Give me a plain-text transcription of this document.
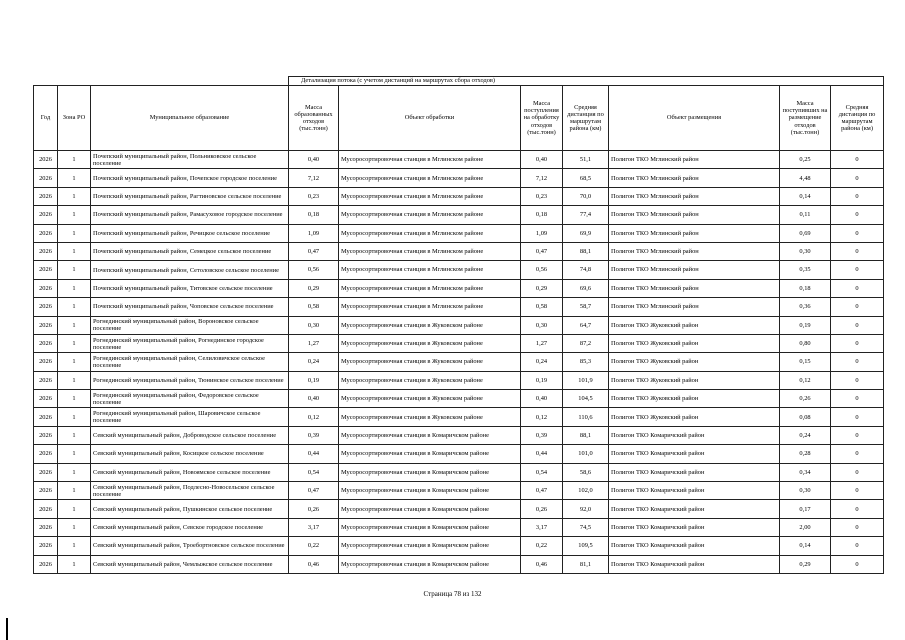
			Детализация потока (с учетом дистанций на маршрутах сбора отходов)						
Год	Зона РО	Муниципальное образование	Масса образованных отходов (тыс.тонн)	Объект обработки	Масса поступления на обработку отходов (тыс.тонн)	Средняя дистанция по маршрутам района (км)	Объект размещения	Масса поступивших на размещение отходов (тыс.тонн)	Средняя дистанция по маршрутам района (км)
2026	1	Почепский муниципальный район, Польниковское сельское поселение	0,40	Мусоросортировочная станция в Мглинском районе	0,40	51,1	Полигон ТКО Мглинский район	0,25	0
2026	1	Почепский муниципальный район, Почепское городское поселение	7,12	Мусоросортировочная станция в Мглинском районе	7,12	68,5	Полигон ТКО Мглинский район	4,48	0
2026	1	Почепский муниципальный район, Рагтиновское сельское поселение	0,23	Мусоросортировочная станция в Мглинском районе	0,23	70,0	Полигон ТКО Мглинский район	0,14	0
2026	1	Почепский муниципальный район, Рамасуховое городское поселение	0,18	Мусоросортировочная станция в Мглинском районе	0,18	77,4	Полигон ТКО Мглинский район	0,11	0
2026	1	Почепский муниципальный район, Речицкое сельское поселение	1,09	Мусоросортировочная станция в Мглинском районе	1,09	69,9	Полигон ТКО Мглинский район	0,69	0
2026	1	Почепский муниципальный район, Семецкое сельское поселение	0,47	Мусоросортировочная станция в Мглинском районе	0,47	88,1	Полигон ТКО Мглинский район	0,30	0
2026	1	Почепский муниципальный район, Сетоловское сельское поселение	0,56	Мусоросортировочная станция в Мглинском районе	0,56	74,8	Полигон ТКО Мглинский район	0,35	0
2026	1	Почепский муниципальный район, Титовское сельское поселение	0,29	Мусоросортировочная станция в Мглинском районе	0,29	69,6	Полигон ТКО Мглинский район	0,18	0
2026	1	Почепский муниципальный район, Чоповское сельское поселение	0,58	Мусоросортировочная станция в Мглинском районе	0,58	58,7	Полигон ТКО Мглинский район	0,36	0
2026	1	Рогнединский муниципальный район, Вороновское сельское поселение	0,30	Мусоросортировочная станция в Жуковском районе	0,30	64,7	Полигон ТКО Жуковский район	0,19	0
2026	1	Рогнединский муниципальный район, Рогнединское городское поселение	1,27	Мусоросортировочная станция в Жуковском районе	1,27	87,2	Полигон ТКО Жуковский район	0,80	0
2026	1	Рогнединский муниципальный район, Селиловичское сельское поселение	0,24	Мусоросортировочная станция в Жуковском районе	0,24	85,3	Полигон ТКО Жуковский район	0,15	0
2026	1	Рогнединский муниципальный район, Тюнинское сельское поселение	0,19	Мусоросортировочная станция в Жуковском районе	0,19	101,9	Полигон ТКО Жуковский район	0,12	0
2026	1	Рогнединский муниципальный район, Федоровское сельское поселение	0,40	Мусоросортировочная станция в Жуковском районе	0,40	104,5	Полигон ТКО Жуковский район	0,26	0
2026	1	Рогнединский муниципальный район, Шаровичское сельское поселение	0,12	Мусоросортировочная станция в Жуковском районе	0,12	110,6	Полигон ТКО Жуковский район	0,08	0
2026	1	Севский муниципальный район, Доброводское сельское поселение	0,39	Мусоросортировочная станция в Комаричском районе	0,39	88,1	Полигон ТКО Комаричский район	0,24	0
2026	1	Севский муниципальный район, Косицкое сельское поселение	0,44	Мусоросортировочная станция в Комаричском районе	0,44	101,0	Полигон ТКО Комаричский район	0,28	0
2026	1	Севский муниципальный район, Новоямское сельское поселение	0,54	Мусоросортировочная станция в Комаричском районе	0,54	58,6	Полигон ТКО Комаричский район	0,34	0
2026	1	Севский муниципальный район, Подлесно-Новосельское сельское поселение	0,47	Мусоросортировочная станция в Комаричском районе	0,47	102,0	Полигон ТКО Комаричский район	0,30	0
2026	1	Севский муниципальный район, Пушкинское сельское поселение	0,26	Мусоросортировочная станция в Комаричском районе	0,26	92,0	Полигон ТКО Комаричский район	0,17	0
2026	1	Севский муниципальный район, Севское городское поселение	3,17	Мусоросортировочная станция в Комаричском районе	3,17	74,5	Полигон ТКО Комаричский район	2,00	0
2026	1	Севский муниципальный район, Троебортновское сельское поселение	0,22	Мусоросортировочная станция в Комаричском районе	0,22	109,5	Полигон ТКО Комаричский район	0,14	0
2026	1	Севский муниципальный район, Чемлыжское сельское поселение	0,46	Мусоросортировочная станция в Комаричском районе	0,46	81,1	Полигон ТКО Комаричский район	0,29	0
Страница 78 из 132
